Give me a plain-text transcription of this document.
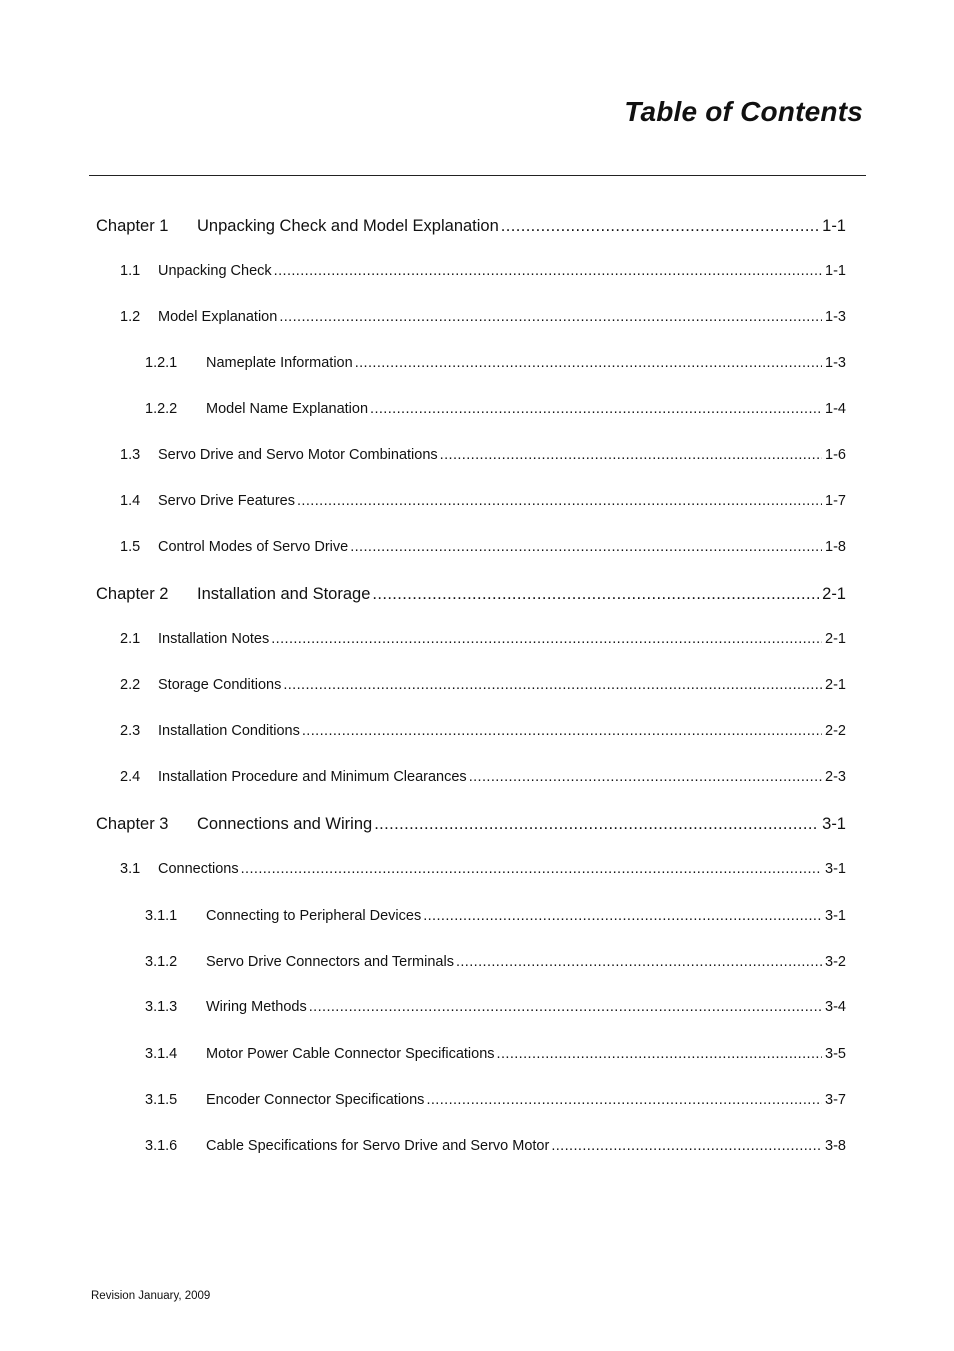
Table of Contents
Chapter 1	Unpacking Check and Model Explanation .....	1-1
1.1	Unpacking Check .....	1-1
1.2	Model Explanation .....	1-3
1.2.1	Nameplate Information .....	1-3
1.2.2	Model Name Explanation .....	1-4
1.3	Servo Drive and Servo Motor Combinations .....	1-6
1.4	Servo Drive Features .....	1-7
1.5	Control Modes of Servo Drive .....	1-8
Chapter 2	Installation and Storage .....	2-1
2.1	Installation Notes .....	2-1
2.2	Storage Conditions .....	2-1
2.3	Installation Conditions .....	2-2
2.4	Installation Procedure and Minimum Clearances .....	2-3
Chapter 3	Connections and Wiring .....	3-1
3.1	Connections .....	3-1
3.1.1	Connecting to Peripheral Devices .....	3-1
3.1.2	Servo Drive Connectors and Terminals .....	3-2
3.1.3	Wiring Methods .....	3-4
3.1.4	Motor Power Cable Connector Specifications .....	3-5
3.1.5	Encoder Connector Specifications .....	3-7
3.1.6	Cable Specifications for Servo Drive and Servo Motor .....	3-8

Revision January, 2009
